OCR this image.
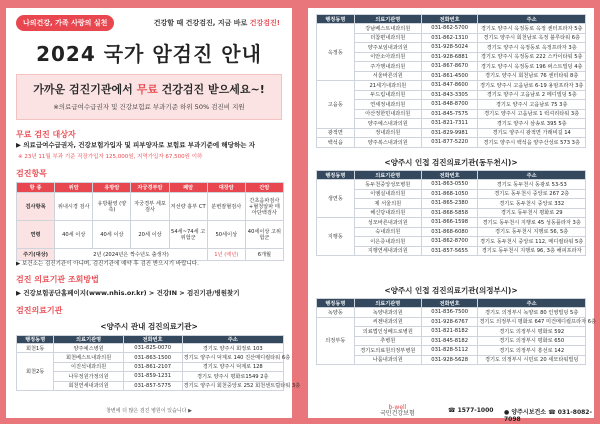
나의건강, 가족 사랑의 실천	건강할 때 건강검진, 지금 바로 건강검진!
2024 국가 암검진 안내
가까운 검진기관에서 무료 건강검진 받으세요~!
※의료급여수급권자 및 건강보험료 부과기준 하위 50% 검진비 지원
무료 검진 대상자
▶ 의료급여수급권자, 건강보험가입자 및 피부양자로 보험료 부과기준에 해당하는 자
※ 23년 11월 부과 기준 직장가입자 125,000원, 지역가입자 67,500원 이하
검진항목
항 종	위암	유방암	자궁경부암	폐암	대장암	간암
검사항목	위내시경 검사	유방촬영 (양측)	자궁경부 세포검사	저선량 흉부 CT	분변잠혈검사	간초음파검사 +혈청알파 태아단백검사
연령	40세 이상	40세 이상	20세 이상	54세~74세 고위험군	50세이상	40세이상 고위험군
주기(대상)	2년 (2024년은 짝수년도 출생자)				1년 (매년)	6개월
▶ 보건소는 검진기관이 아니며, 검진기관에 예약 후 검진 받으시기 바랍니다.
검진 의료기관 조회방법
▶ 건강보험공단홈페이지(www.nhis.or.kr) > 건강IN > 검진기관/병원찾기
검진의료기관
<양주시 관내 검진의료기관>
행정동명	의료기관명	전화번호	주소
회천1동	양주예스병원	031-825-0070	경기도 양주시 회정로 103
회천2동	회천베스트내과의원	031-863-1500	경기도 양주시 덕계로 140 진산메디컬타워 6층
	이진석내과의원	031-861-2107	경기도 양주시 덕계로 128
	나무정원가정의원	031-859-1231	경기도 양주시 평화로1549 2층
	회천연세내과의원	031-857-5775	경기도 양주시 회천중앙로 252 회천센트럴타워 3층
창변에 더 많은 검진 병원이 있습니다 ▶
행정동명	의료기관명	전화번호	주소
옥정동	강남베스트내과의원	031-862-5700	경기도 양주시 옥정동로 옥정 센터프라자 5층
	더참편내과의원	031-862-1310	경기도 양주시 회천남로 옥정 블루타워 6층
	양주보임내과의원	031-928-5024	경기도 양주시 옥정동로 옥정프라자 3층
	이안소아과의원	031-928-6881	경기도 양주시 옥정동로 222 스카이타워 5층
	주가행내과의원	031-867-8670	경기도 양주시 옥정동로 196 퍼스트빌딩 4층
	서울바른의원	031-861-4500	경기도 양주시 회천남로 76 센터타워 8층
고읍동	21세기내과의원	031-847-8600	경기도 양주시 고읍남로 6-19 용암프라자 3층
	두드림내과의원	031-843-3305	경기도 양주시 고읍남로 2 메디빌딩 5층
	연세정내과의원	031-848-8700	경기도 양주시 고읍남로 75 3층
	아산정한민내과의원	031-845-7575	경기도 양주시 고읍남로 1 럭셔리타워 3층
	양주예스내과의원	031-821-7311	경기도 양주시 삼송로 395 5층
광적면	정내과의원	031-829-9981	경기도 양주시 광적면 가래비길 14
백석읍	양주복스내과의원	031-877-5220	경기도 양주시 백석읍 양주산성로 573 3층
<양주시 인접 검진의료기관(동두천시)>
행정동명	의료기관명	전화번호	주소
생연동	동두천중앙성모병원	031-863-0550	경기도 동두천시 동광로 53-53
	이엠실내과의원	031-868-1050	경기도 동두천시 중앙로 267 2층
	제 서울의원	031-865-2380	경기도 동두천시 중앙로 332
	해신당내과의원	031-868-5858	경기도 동두천시 평화로 29
지행동	성모바른내과의원	031-866-1598	경기도 동두천시 지행로 45 성동플라자 3층
	숙내과의원	031-868-6080	경기도 동두천시 지행로 56, 5층
	이은증내과의원	031-862-8700	경기도 동두천시 중앙로 112, 메디컬타워 5층
	지행연세내과의원	031-857-5655	경기도 동두천시 지행로 96, 3층 해피프라자
<양주시 인접 검진의료기관(의정부시)>
행정동명	의료기관명	전화번호	주소
녹양동	녹양내과의원	031-836-7500	경기도 의정부시 녹양로 80 인영빌딩 5층
의정부동	씨젠내과의원	031-928-6767	경기도 의정부시 평화로 647 미건메디컬프라자 6층
	의료법인성베드로병원	031-821-8182	경기도 의정부시 평화로 592
	추병원	031-845-8182	경기도 의정부시 평화로 650
	경기도의료원의정부병원	031-828-5112	경기도 의정부시 흥선로 142
	나룸내과의원	031-928-5628	경기도 의정부시 시민로 20 세모타워빌딩
b-well
국민건강보험	☎ 1577-1000 ● 양주시보건소 ☎ 031-8082-7098
